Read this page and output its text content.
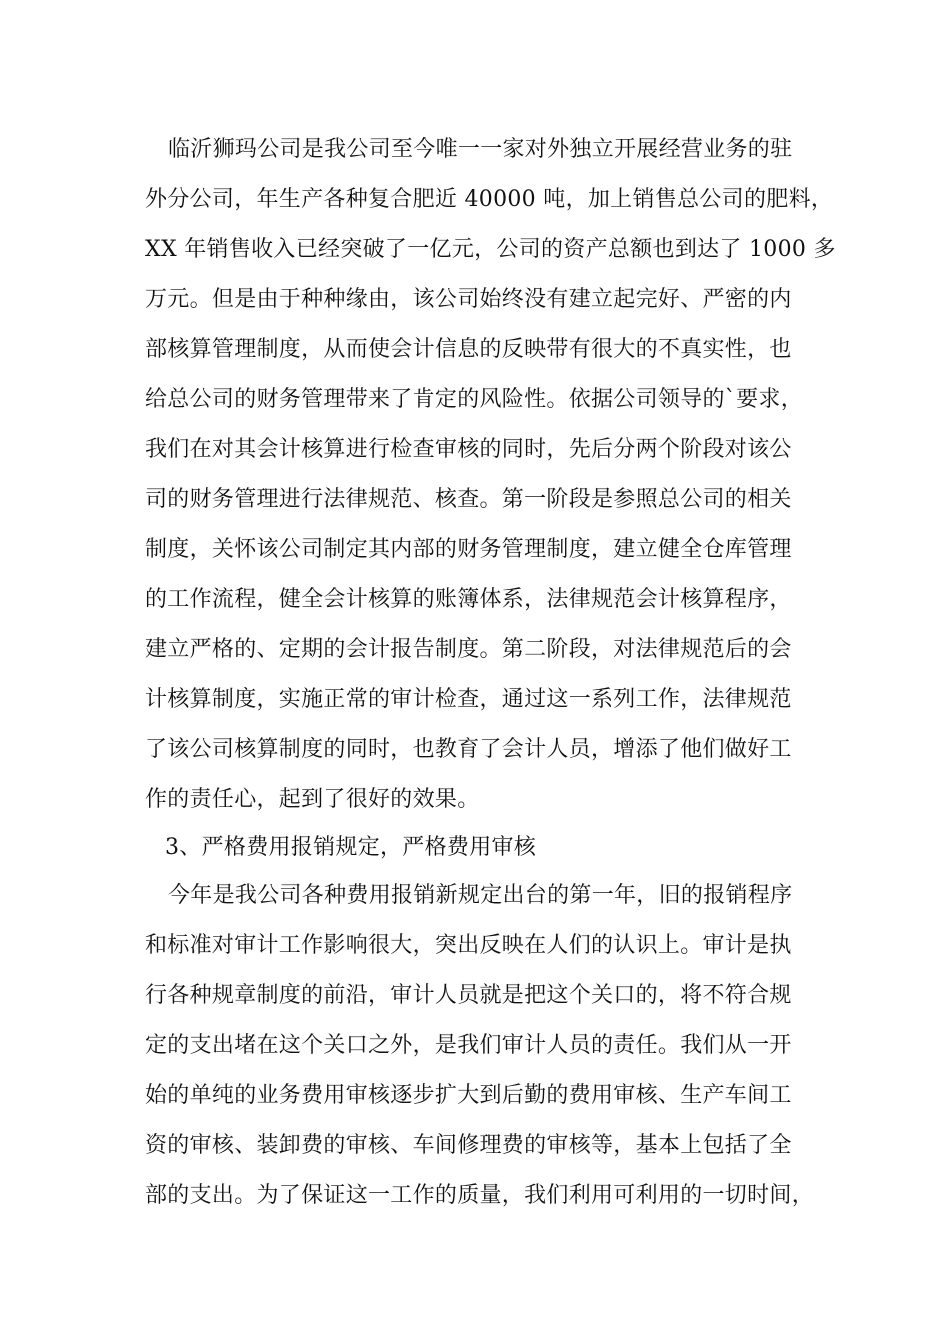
临沂狮玛公司是我公司至今唯一一家对外独立开展经营业务的驻
外分公司，年生产各种复合肥近 40000 吨，加上销售总公司的肥料，
XX 年销售收入已经突破了一亿元，公司的资产总额也到达了 1000 多
万元。但是由于种种缘由，该公司始终没有建立起完好、严密的内
部核算管理制度，从而使会计信息的反映带有很大的不真实性，也
给总公司的财务管理带来了肯定的风险性。依据公司领导的`要求，
我们在对其会计核算进行检查审核的同时，先后分两个阶段对该公
司的财务管理进行法律规范、核查。第一阶段是参照总公司的相关
制度，关怀该公司制定其内部的财务管理制度，建立健全仓库管理
的工作流程，健全会计核算的账簿体系，法律规范会计核算程序，
建立严格的、定期的会计报告制度。第二阶段，对法律规范后的会
计核算制度，实施正常的审计检查，通过这一系列工作，法律规范
了该公司核算制度的同时，也教育了会计人员，增添了他们做好工
作的责任心，起到了很好的效果。
3、严格费用报销规定，严格费用审核
今年是我公司各种费用报销新规定出台的第一年，旧的报销程序
和标准对审计工作影响很大，突出反映在人们的认识上。审计是执
行各种规章制度的前沿，审计人员就是把这个关口的，将不符合规
定的支出堵在这个关口之外，是我们审计人员的责任。我们从一开
始的单纯的业务费用审核逐步扩大到后勤的费用审核、生产车间工
资的审核、装卸费的审核、车间修理费的审核等，基本上包括了全
部的支出。为了保证这一工作的质量，我们利用可利用的一切时间，
